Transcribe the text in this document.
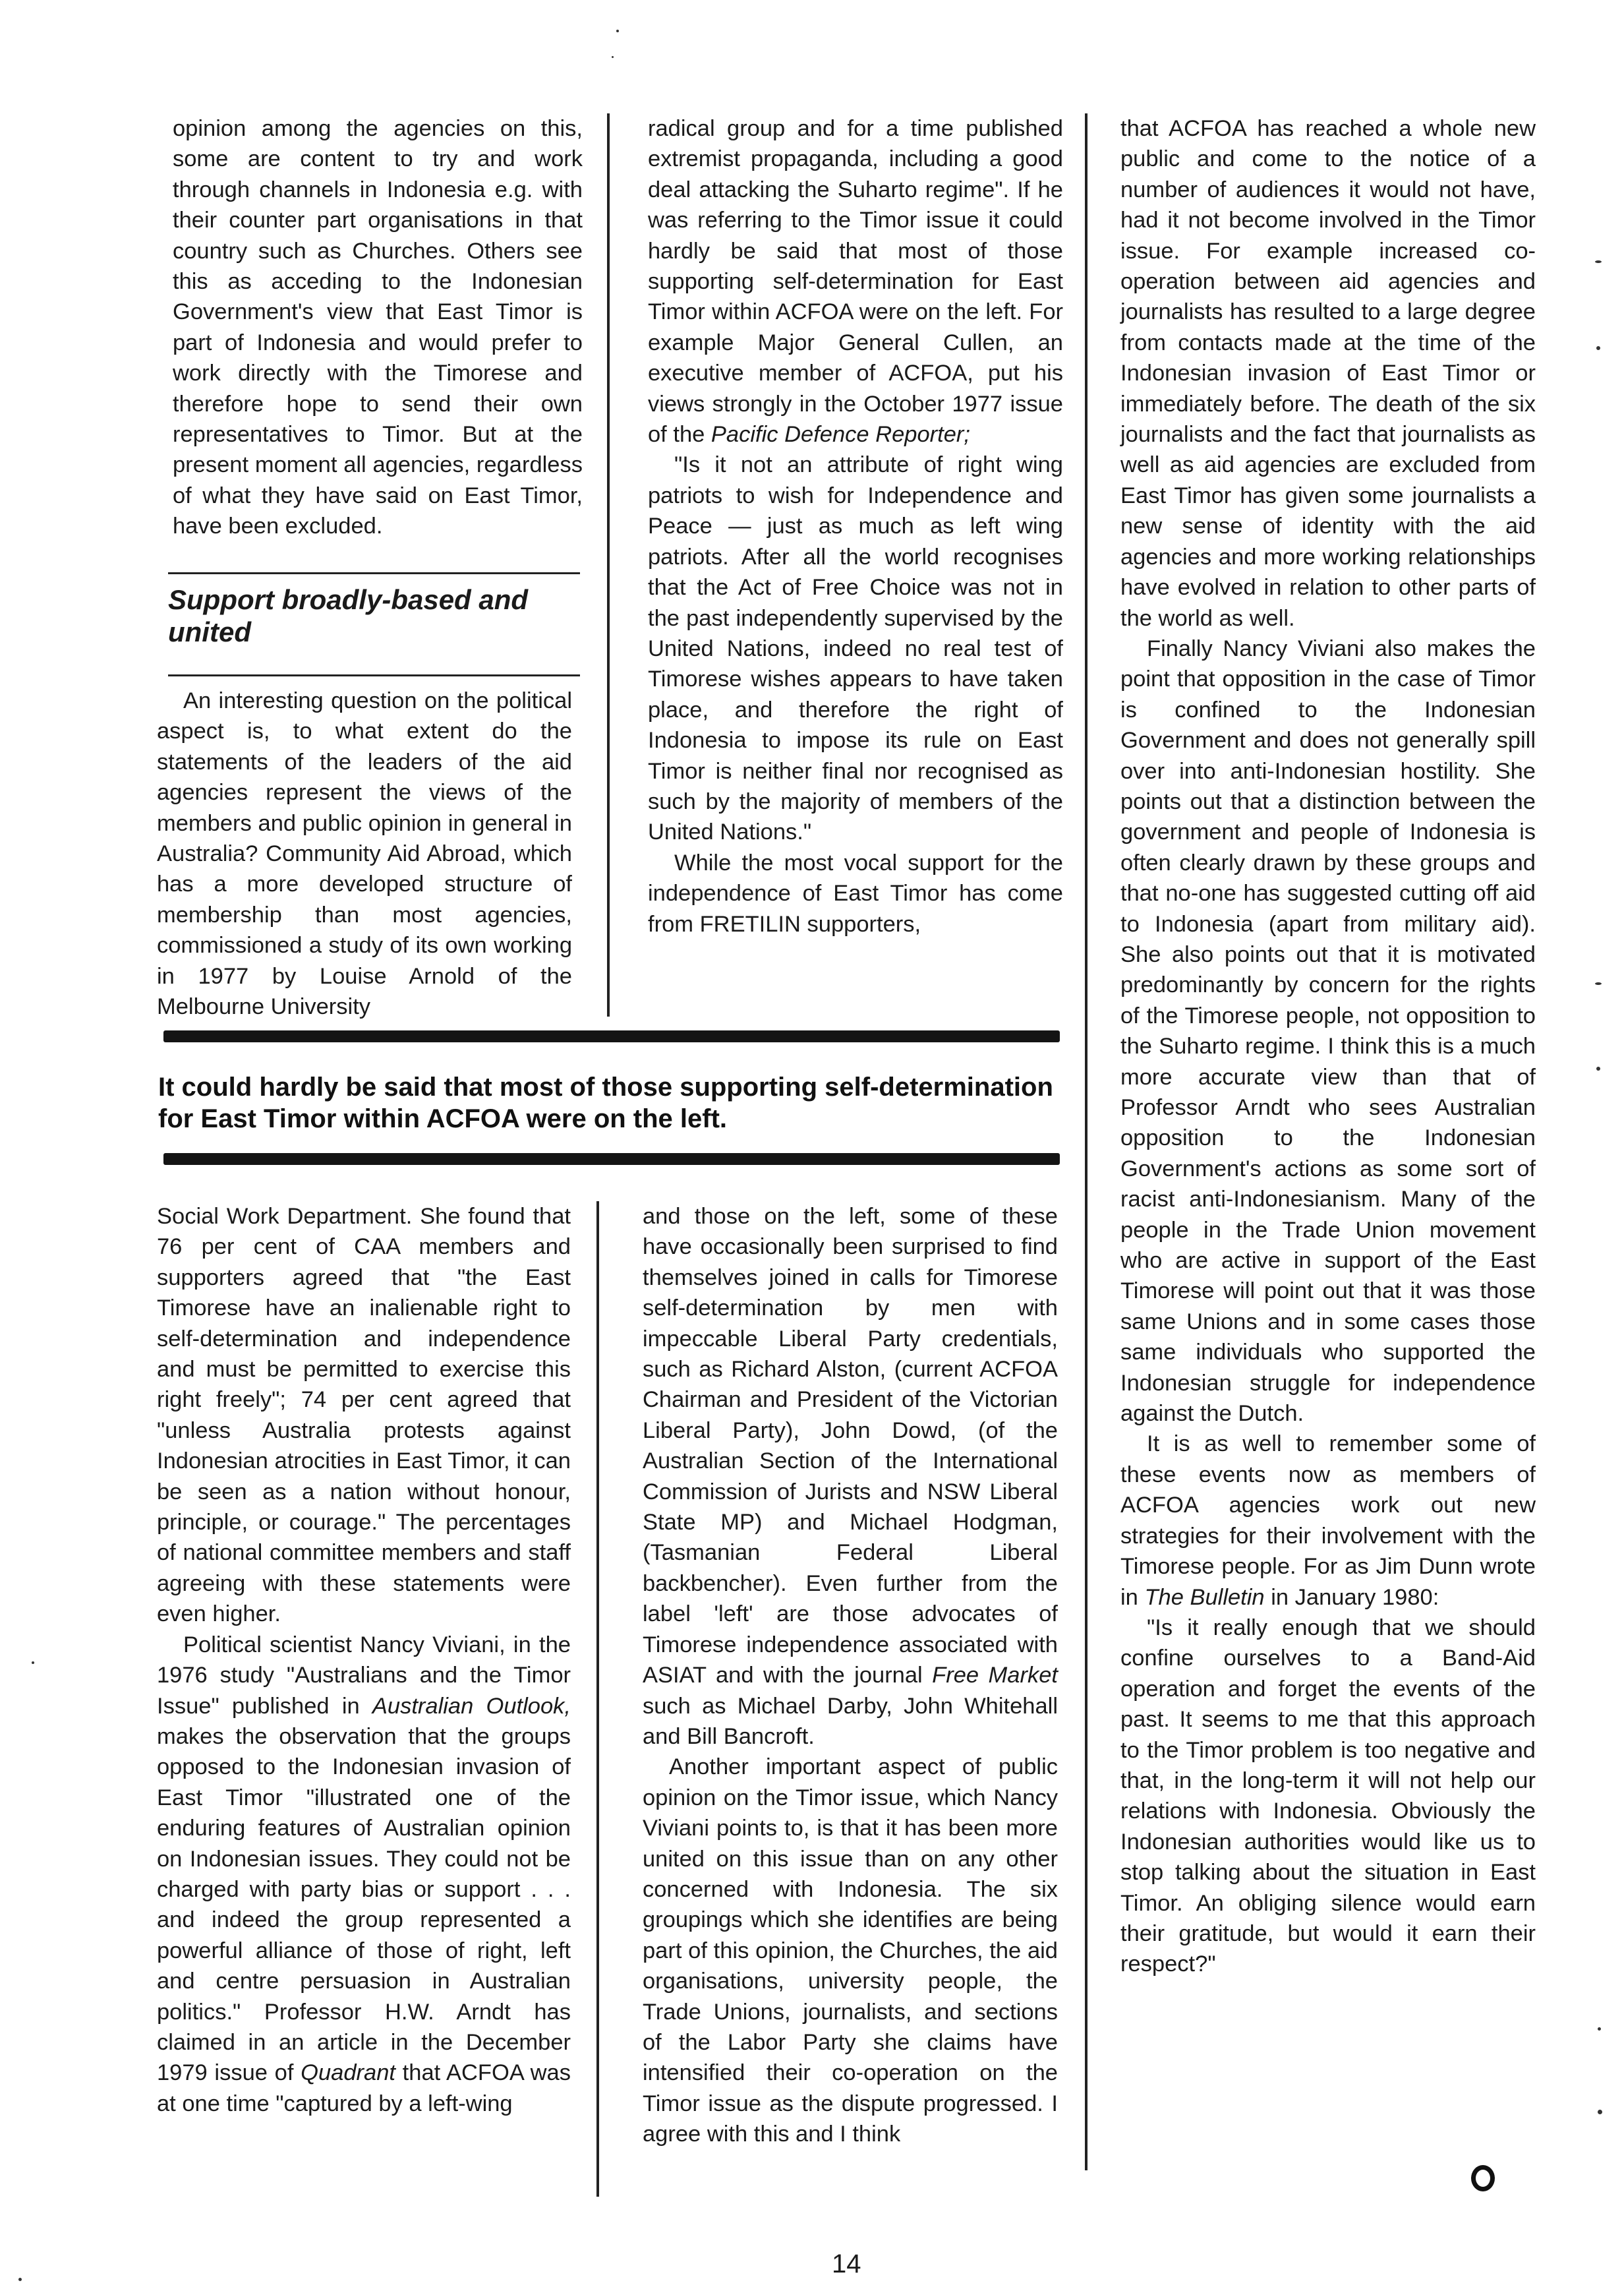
opinion among the agencies on this, some are content to try and work through channels in Indonesia e.g. with their counter part organisations in that country such as Churches. Others see this as acceding to the Indonesian Government's view that East Timor is part of Indonesia and would prefer to work directly with the Timorese and therefore hope to send their own representatives to Timor. But at the present moment all agencies, regardless of what they have said on East Timor, have been excluded.

Support broadly-based and united

An interesting question on the political aspect is, to what extent do the statements of the leaders of the aid agencies represent the views of the members and public opinion in general in Australia? Community Aid Abroad, which has a more developed structure of membership than most agencies, commissioned a study of its own working in 1977 by Louise Arnold of the Melbourne University

radical group and for a time published extremist propaganda, including a good deal attacking the Suharto regime". If he was referring to the Timor issue it could hardly be said that most of those supporting self-determination for East Timor within ACFOA were on the left. For example Major General Cullen, an executive member of ACFOA, put his views strongly in the October 1977 issue of the Pacific Defence Reporter;

"Is it not an attribute of right wing patriots to wish for Independence and Peace — just as much as left wing patriots. After all the world recognises that the Act of Free Choice was not in the past independently supervised by the United Nations, indeed no real test of Timorese wishes appears to have taken place, and therefore the right of Indonesia to impose its rule on East Timor is neither final nor recognised as such by the majority of members of the United Nations."

While the most vocal support for the independence of East Timor has come from FRETILIN supporters,

It could hardly be said that most of those supporting self-determination for East Timor within ACFOA were on the left.

Social Work Department. She found that 76 per cent of CAA members and supporters agreed that "the East Timorese have an inalienable right to self-determination and independence and must be permitted to exercise this right freely"; 74 per cent agreed that "unless Australia protests against Indonesian atrocities in East Timor, it can be seen as a nation without honour, principle, or courage." The percentages of national committee members and staff agreeing with these statements were even higher.

Political scientist Nancy Viviani, in the 1976 study "Australians and the Timor Issue" published in Australian Outlook, makes the observation that the groups opposed to the Indonesian invasion of East Timor "illustrated one of the enduring features of Australian opinion on Indonesian issues. They could not be charged with party bias or support . . . and indeed the group represented a powerful alliance of those of right, left and centre persuasion in Australian politics." Professor H.W. Arndt has claimed in an article in the December 1979 issue of Quadrant that ACFOA was at one time "captured by a left-wing

and those on the left, some of these have occasionally been surprised to find themselves joined in calls for Timorese self-determination by men with impeccable Liberal Party credentials, such as Richard Alston, (current ACFOA Chairman and President of the Victorian Liberal Party), John Dowd, (of the Australian Section of the International Commission of Jurists and NSW Liberal State MP) and Michael Hodgman, (Tasmanian Federal Liberal backbencher). Even further from the label 'left' are those advocates of Timorese independence associated with ASIAT and with the journal Free Market such as Michael Darby, John Whitehall and Bill Bancroft.

Another important aspect of public opinion on the Timor issue, which Nancy Viviani points to, is that it has been more united on this issue than on any other concerned with Indonesia. The six groupings which she identifies are being part of this opinion, the Churches, the aid organisations, university people, the Trade Unions, journalists, and sections of the Labor Party she claims have intensified their co-operation on the Timor issue as the dispute progressed. I agree with this and I think

that ACFOA has reached a whole new public and come to the notice of a number of audiences it would not have, had it not become involved in the Timor issue. For example increased co-operation between aid agencies and journalists has resulted to a large degree from contacts made at the time of the Indonesian invasion of East Timor or immediately before. The death of the six journalists and the fact that journalists as well as aid agencies are excluded from East Timor has given some journalists a new sense of identity with the aid agencies and more working relationships have evolved in relation to other parts of the world as well.

Finally Nancy Viviani also makes the point that opposition in the case of Timor is confined to the Indonesian Government and does not generally spill over into anti-Indonesian hostility. She points out that a distinction between the government and people of Indonesia is often clearly drawn by these groups and that no-one has suggested cutting off aid to Indonesia (apart from military aid). She also points out that it is motivated predominantly by concern for the rights of the Timorese people, not opposition to the Suharto regime. I think this is a much more accurate view than that of Professor Arndt who sees Australian opposition to the Indonesian Government's actions as some sort of racist anti-Indonesianism. Many of the people in the Trade Union movement who are active in support of the East Timorese will point out that it was those same Unions and in some cases those same individuals who supported the Indonesian struggle for independence against the Dutch.

It is as well to remember some of these events now as members of ACFOA agencies work out new strategies for their involvement with the Timorese people. For as Jim Dunn wrote in The Bulletin in January 1980:

"Is it really enough that we should confine ourselves to a Band-Aid operation and forget the events of the past. It seems to me that this approach to the Timor problem is too negative and that, in the long-term it will not help our relations with Indonesia. Obviously the Indonesian authorities would like us to stop talking about the situation in East Timor. An obliging silence would earn their gratitude, but would it earn their respect?"

14
